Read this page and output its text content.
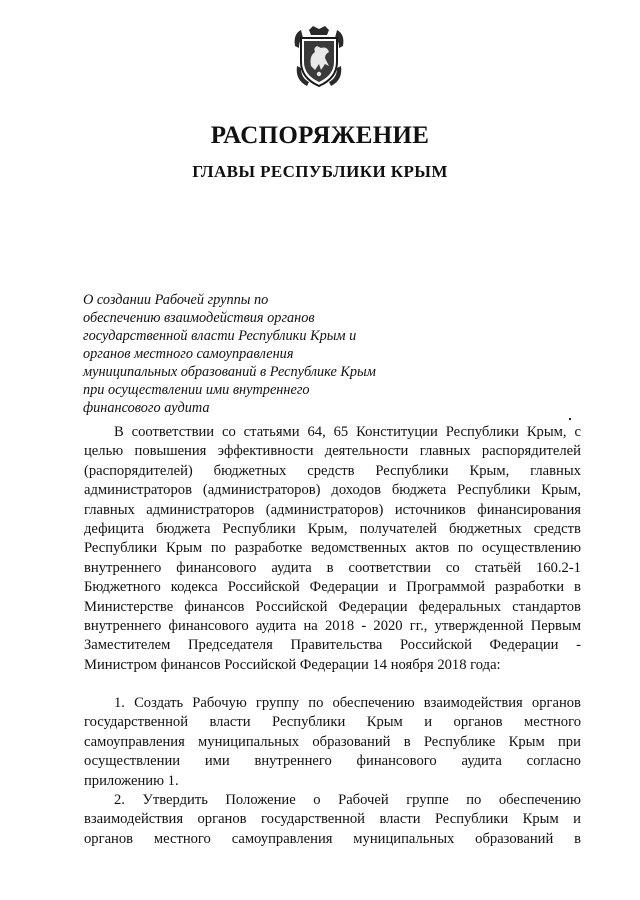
РАСПОРЯЖЕНИЕ
ГЛАВЫ РЕСПУБЛИКИ КРЫМ
О создании Рабочей группы по
обеспечению взаимодействия органов
государственной власти Республики Крым и
органов местного самоуправления
муниципальных образований в Республике Крым
при осуществлении ими внутреннего
финансового аудита
В соответствии со статьями 64, 65 Конституции Республики Крым, с
целью повышения эффективности деятельности главных распорядителей
(распорядителей) бюджетных средств Республики Крым, главных
администраторов (администраторов) доходов бюджета Республики Крым,
главных администраторов (администраторов) источников финансирования
дефицита бюджета Республики Крым, получателей бюджетных средств
Республики Крым по разработке ведомственных актов по осуществлению
внутреннего финансового аудита в соответствии со статьёй 160.2-1
Бюджетного кодекса Российской Федерации и Программой разработки в
Министерстве финансов Российской Федерации федеральных стандартов
внутреннего финансового аудита на 2018 - 2020 гг., утвержденной Первым
Заместителем Председателя Правительства Российской Федерации -
Министром финансов Российской Федерации 14 ноября 2018 года:
1. Создать Рабочую группу по обеспечению взаимодействия органов
государственной власти Республики Крым и органов местного
самоуправления муниципальных образований в Республике Крым при
осуществлении ими внутреннего финансового аудита согласно
приложению 1.
2. Утвердить Положение о Рабочей группе по обеспечению
взаимодействия органов государственной власти Республики Крым и
органов местного самоуправления муниципальных образований в
